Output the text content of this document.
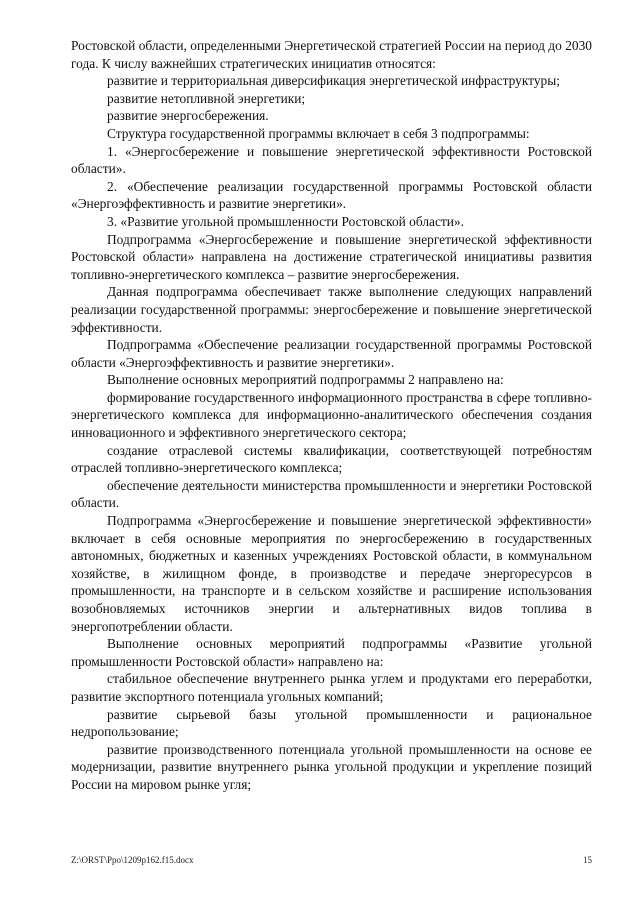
Ростовской области, определенными Энергетической стратегией России на период до 2030 года. К числу важнейших стратегических инициатив относятся:

развитие и территориальная диверсификация энергетической инфраструктуры;

развитие нетопливной энергетики;

развитие энергосбережения.

Структура государственной программы включает в себя 3 подпрограммы:

1. «Энергосбережение и повышение энергетической эффективности Ростовской области».

2. «Обеспечение реализации государственной программы Ростовской области «Энергоэффективность и развитие энергетики».

3. «Развитие угольной промышленности Ростовской области».

Подпрограмма «Энергосбережение и повышение энергетической эффективности Ростовской области» направлена на достижение стратегической инициативы развития топливно-энергетического комплекса – развитие энергосбережения.

Данная подпрограмма обеспечивает также выполнение следующих направлений реализации государственной программы: энергосбережение и повышение энергетической эффективности.

Подпрограмма «Обеспечение реализации государственной программы Ростовской области «Энергоэффективность и развитие энергетики».

Выполнение основных мероприятий подпрограммы 2 направлено на:

формирование государственного информационного пространства в сфере топливно-энергетического комплекса для информационно-аналитического обеспечения создания инновационного и эффективного энергетического сектора;

создание отраслевой системы квалификации, соответствующей потребностям отраслей топливно-энергетического комплекса;

обеспечение деятельности министерства промышленности и энергетики Ростовской области.

Подпрограмма «Энергосбережение и повышение энергетической эффективности» включает в себя основные мероприятия по энергосбережению в государственных автономных, бюджетных и казенных учреждениях Ростовской области, в коммунальном хозяйстве, в жилищном фонде, в производстве и передаче энергоресурсов в промышленности, на транспорте и в сельском хозяйстве и расширение использования возобновляемых источников энергии и альтернативных видов топлива в энергопотреблении области.

Выполнение основных мероприятий подпрограммы «Развитие угольной промышленности Ростовской области» направлено на:

стабильное обеспечение внутреннего рынка углем и продуктами его переработки, развитие экспортного потенциала угольных компаний;

развитие сырьевой базы угольной промышленности и рациональное недропользование;

развитие производственного потенциала угольной промышленности на основе ее модернизации, развитие внутреннего рынка угольной продукции и укрепление позиций России на мировом рынке угля;

Z:\ORST\Ppo\1209p162.f15.docx	15
